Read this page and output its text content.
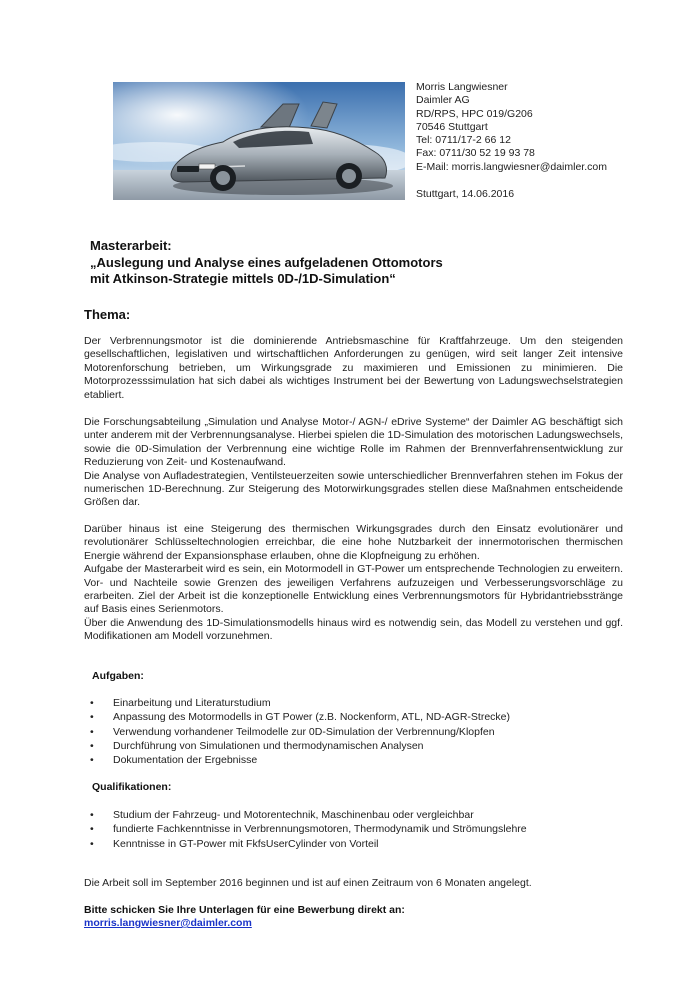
Morris Langwiesner
Daimler AG
RD/RPS, HPC 019/G206
70546 Stuttgart
Tel: 0711/17-2 66 12
Fax: 0711/30 52 19 93 78
E-Mail: morris.langwiesner@daimler.com
Stuttgart, 14.06.2016
Masterarbeit:
„Auslegung und Analyse eines aufgeladenen Ottomotors
mit Atkinson-Strategie mittels 0D-/1D-Simulation“
Thema:

Der Verbrennungsmotor ist die dominierende Antriebsmaschine für Kraftfahrzeuge. Um den steigenden gesellschaftlichen, legislativen und wirtschaftlichen Anforderungen zu genügen, wird seit langer Zeit intensive Motorenforschung betrieben, um Wirkungsgrade zu maximieren und Emissionen zu minimieren. Die Motorprozesssimulation hat sich dabei als wichtiges Instrument bei der Bewertung von Ladungswechselstrategien etabliert.

Die Forschungsabteilung „Simulation und Analyse Motor-/ AGN-/ eDrive Systeme“ der Daimler AG beschäftigt sich unter anderem mit der Verbrennungsanalyse. Hierbei spielen die 1D-Simulation des motorischen Ladungswechsels, sowie die 0D-Simulation der Verbrennung eine wichtige Rolle im Rahmen der Brennverfahrensentwicklung zur Reduzierung von Zeit- und Kostenaufwand.

Die Analyse von Aufladestrategien, Ventilsteuerzeiten sowie unterschiedlicher Brennverfahren stehen im Fokus der numerischen 1D-Berechnung. Zur Steigerung des Motorwirkungsgrades stellen diese Maßnahmen entscheidende Größen dar.

Darüber hinaus ist eine Steigerung des thermischen Wirkungsgrades durch den Einsatz evolutionärer und revolutionärer Schlüsseltechnologien erreichbar, die eine hohe Nutzbarkeit der innermotorischen thermischen Energie während der Expansionsphase erlauben, ohne die Klopfneigung zu erhöhen.

Aufgabe der Masterarbeit wird es sein, ein Motormodell in GT-Power um entsprechende Technologien zu erweitern. Vor- und Nachteile sowie Grenzen des jeweiligen Verfahrens aufzuzeigen und Verbesserungsvorschläge zu erarbeiten. Ziel der Arbeit ist die konzeptionelle Entwicklung eines Verbrennungsmotors für Hybridantriebsstränge auf Basis eines Serienmotors.

Über die Anwendung des 1D-Simulationsmodells hinaus wird es notwendig sein, das Modell zu verstehen und ggf. Modifikationen am Modell vorzunehmen.

Aufgaben:
• Einarbeitung und Literaturstudium
• Anpassung des Motormodells in GT Power (z.B. Nockenform, ATL, ND-AGR-Strecke)
• Verwendung vorhandener Teilmodelle zur 0D-Simulation der Verbrennung/Klopfen
• Durchführung von Simulationen und thermodynamischen Analysen
• Dokumentation der Ergebnisse
Qualifikationen:
• Studium der Fahrzeug- und Motorentechnik, Maschinenbau oder vergleichbar
• fundierte Fachkenntnisse in Verbrennungsmotoren, Thermodynamik und Strömungslehre
• Kenntnisse in GT-Power mit FkfsUserCylinder von Vorteil
Die Arbeit soll im September 2016 beginnen und ist auf einen Zeitraum von 6 Monaten angelegt.
Bitte schicken Sie Ihre Unterlagen für eine Bewerbung direkt an:
morris.langwiesner@daimler.com
